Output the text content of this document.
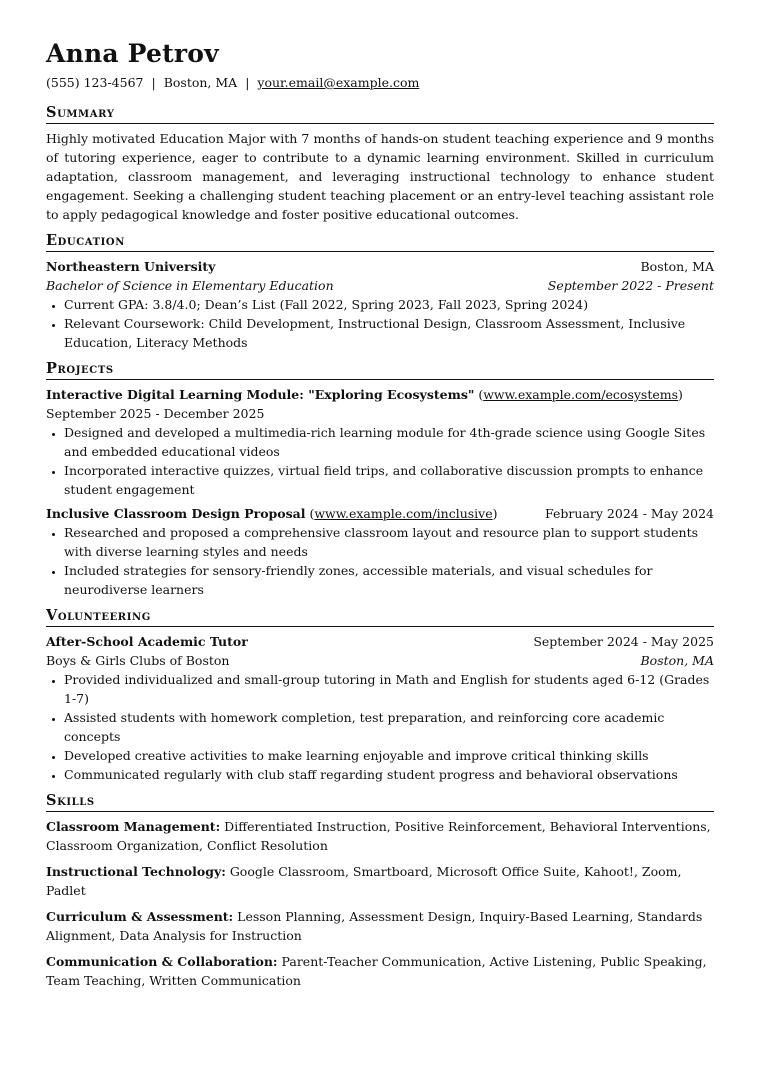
Anna Petrov
(555) 123-4567 | Boston, MA | your.email@example.com
Summary

Highly motivated Education Major with 7 months of hands-on student teaching experience and 9 months of tutoring experience, eager to contribute to a dynamic learning environment. Skilled in curriculum adaptation, classroom management, and leveraging instructional technology to enhance student engagement. Seeking a challenging student teaching placement or an entry-level teaching assistant role to apply pedagogical knowledge and foster positive educational outcomes.

Education
Northeastern University	Boston, MA
Bachelor of Science in Elementary Education	September 2022 - Present
• Current GPA: 3.8/4.0; Dean’s List (Fall 2022, Spring 2023, Fall 2023, Spring 2024)
• Relevant Coursework: Child Development, Instructional Design, Classroom Assessment, Inclusive Education, Literacy Methods
Projects
Interactive Digital Learning Module: "Exploring Ecosystems" (www.example.com/ecosystems) September 2025 - December 2025
• Designed and developed a multimedia-rich learning module for 4th-grade science using Google Sites and embedded educational videos
• Incorporated interactive quizzes, virtual field trips, and collaborative discussion prompts to enhance student engagement
Inclusive Classroom Design Proposal (www.example.com/inclusive)	February 2024 - May 2024
• Researched and proposed a comprehensive classroom layout and resource plan to support students with diverse learning styles and needs
• Included strategies for sensory-friendly zones, accessible materials, and visual schedules for neurodiverse learners
Volunteering
After-School Academic Tutor	September 2024 - May 2025
Boys & Girls Clubs of Boston	Boston, MA
• Provided individualized and small-group tutoring in Math and English for students aged 6-12 (Grades 1-7)
• Assisted students with homework completion, test preparation, and reinforcing core academic concepts
• Developed creative activities to make learning enjoyable and improve critical thinking skills
• Communicated regularly with club staff regarding student progress and behavioral observations
Skills
Classroom Management: Differentiated Instruction, Positive Reinforcement, Behavioral Interventions, Classroom Organization, Conflict Resolution
Instructional Technology: Google Classroom, Smartboard, Microsoft Office Suite, Kahoot!, Zoom, Padlet
Curriculum & Assessment: Lesson Planning, Assessment Design, Inquiry-Based Learning, Standards Alignment, Data Analysis for Instruction
Communication & Collaboration: Parent-Teacher Communication, Active Listening, Public Speaking, Team Teaching, Written Communication
